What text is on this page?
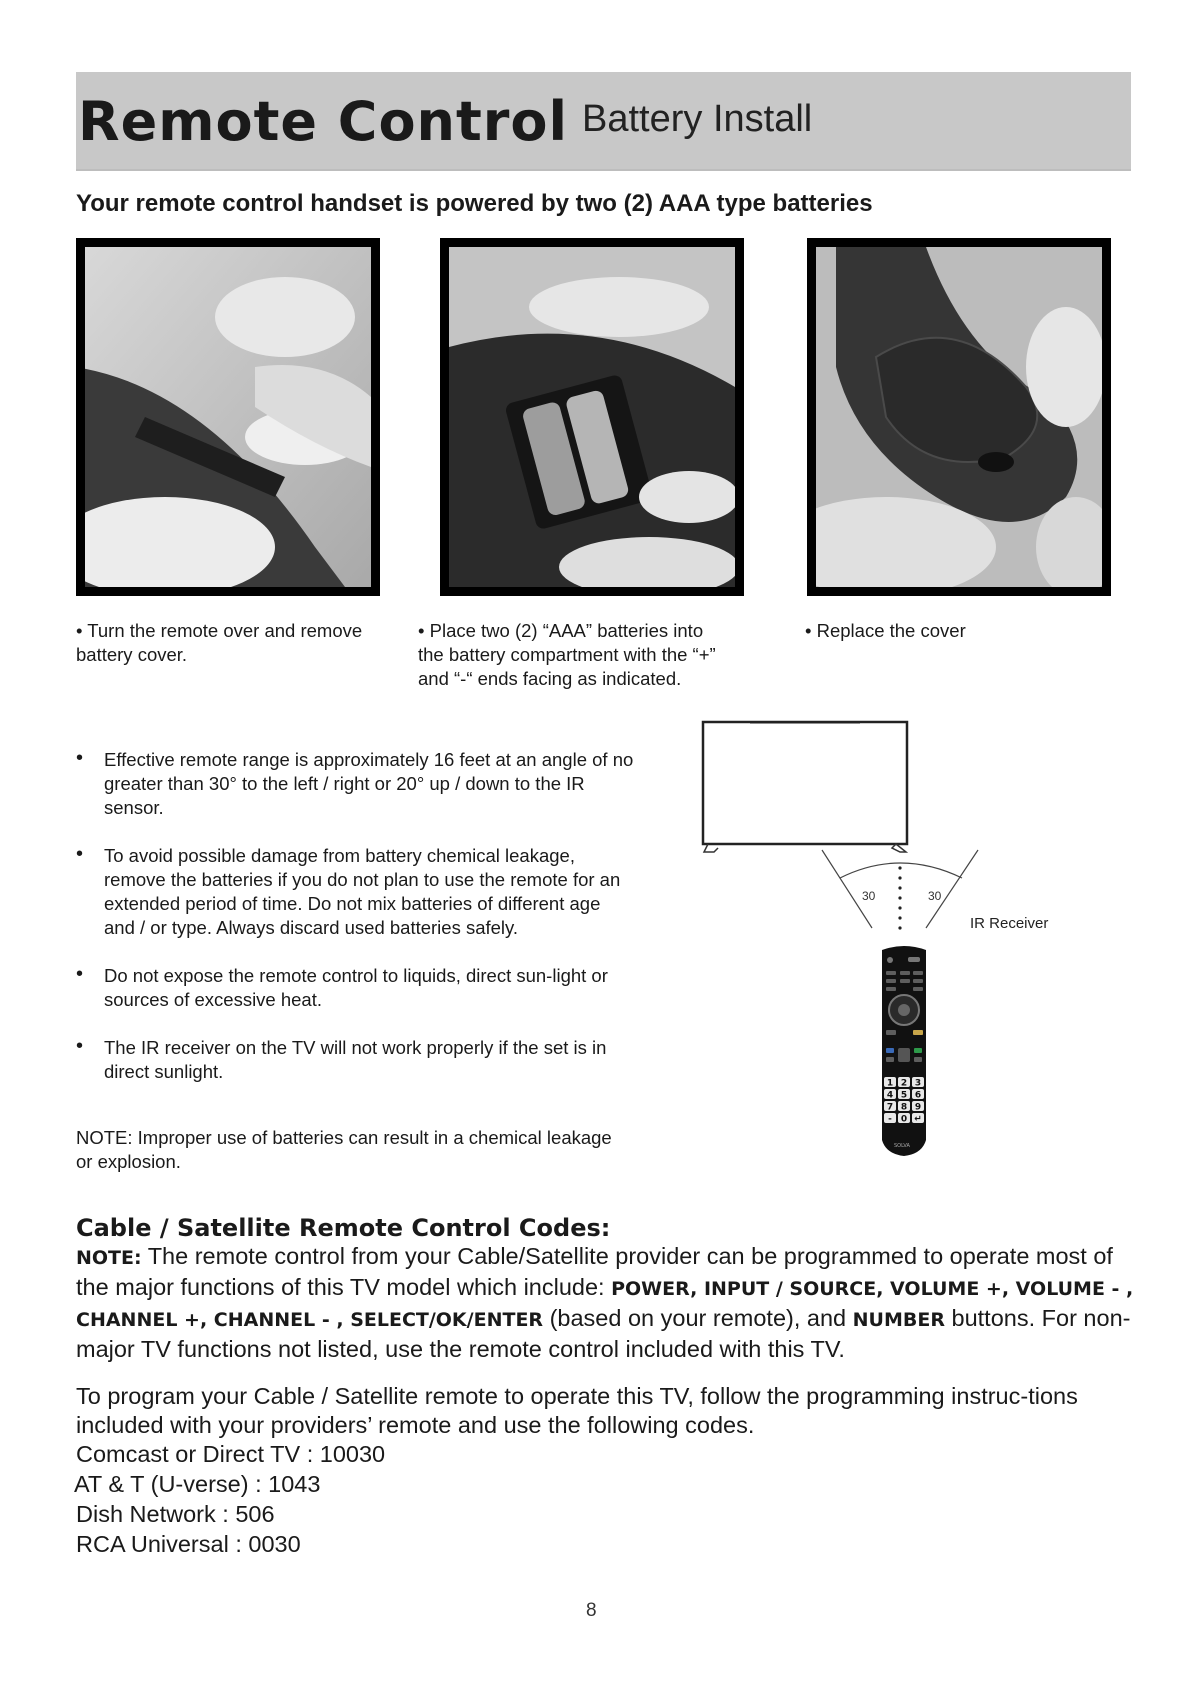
Remote Control Battery Install
Your remote control handset is powered by two (2) AAA type batteries
• Turn the remote over and remove
battery cover.
• Place two (2) “AAA” batteries into
the battery compartment with the “+”
and “-“ ends facing as indicated.
• Replace the cover
• Effective remote range is approximately 16 feet at an angle of no greater than 30° to the left / right or 20° up / down to the IR sensor.
• To avoid possible damage from battery chemical leakage, remove the batteries if you do not plan to use the remote for an extended period of time. Do not mix batteries of different age and / or type. Always discard used batteries safely.
• Do not expose the remote control to liquids, direct sun-light or sources of excessive heat.
• The IR receiver on the TV will not work properly if the set is in direct sunlight.
NOTE: Improper use of batteries can result in a chemical leakage or explosion.
30	30
IR Receiver
1 2 3
4 5 6
7 8 9
- 0 ↵
SOLVA
Cable / Satellite Remote Control Codes:
NOTE: The remote control from your Cable/Satellite provider can be programmed to operate most of the major functions of this TV model which include: POWER, INPUT / SOURCE, VOLUME +, VOLUME - , CHANNEL +, CHANNEL - , SELECT/OK/ENTER (based on your remote), and NUMBER buttons. For non-major TV functions not listed, use the remote control included with this TV.
To program your Cable / Satellite remote to operate this TV, follow the programming instruc-tions included with your providers’ remote and use the following codes.
Comcast or Direct TV : 10030
AT & T (U-verse) : 1043
Dish Network : 506
RCA Universal : 0030
8
